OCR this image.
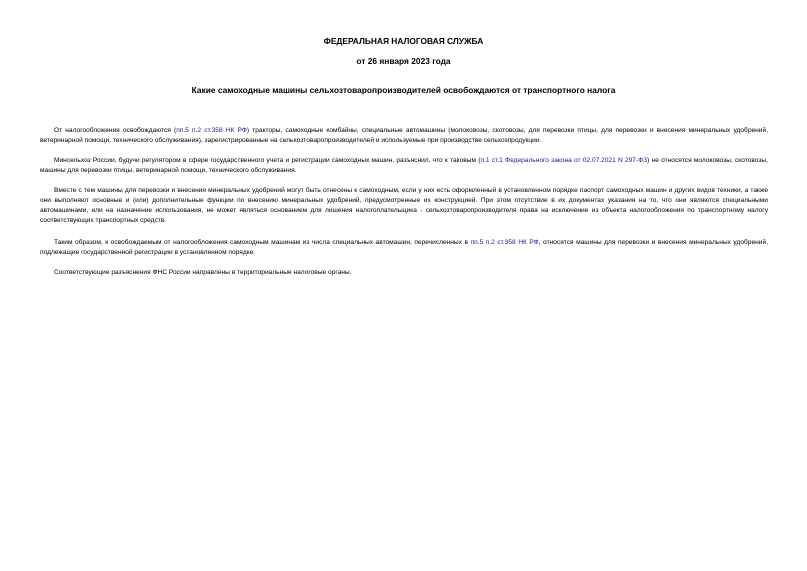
ФЕДЕРАЛЬНАЯ НАЛОГОВАЯ СЛУЖБА
от 26 января 2023 года
Какие самоходные машины сельхозтоваропроизводителей освобождаются от транспортного налога

От налогообложения освобождаются (пп.5 п.2 ст.358 НК РФ) тракторы, самоходные комбайны, специальные автомашины (молоковозы, скотовозы, для перевозки птицы, для перевозки и внесения минеральных удобрений, ветеринарной помощи, технического обслуживания), зарегистрированные на сельхозтоваропроизводителей и используемые при производстве сельхозпродукции.

Минсельхоз России, будучи регулятором в сфере государственного учета и регистрации самоходных машин, разъяснил, что к таковым (п.1 ст.1 Федерального закона от 02.07.2021 N 297-ФЗ) не относятся молоковозы, скотовозы, машины для перевозки птицы, ветеринарной помощи, технического обслуживания.

Вместе с тем машины для перевозки и внесения минеральных удобрений могут быть отнесены к самоходным, если у них есть оформленный в установленном порядке паспорт самоходных машин и других видов техники, а также они выполняют основные и (или) дополнительные функции по внесению минеральных удобрений, предусмотренные их конструкцией. При этом отсутствие в их документах указания на то, что они являются специальными автомашинами, или на назначение использования, не может являться основанием для лишения налогоплательщика - сельхозтоваропроизводителя права на исключение из объекта налогообложения по транспортному налогу соответствующих транспортных средств.

Таким образом, к освобождаемым от налогообложения самоходным машинам из числа специальных автомашин, перечисленных в пп.5 п.2 ст.358 НК РФ, относятся машины для перевозки и внесения минеральных удобрений, подлежащие государственной регистрации в установленном порядке.

Соответствующие разъяснения ФНС России направлены в территориальные налоговые органы.
